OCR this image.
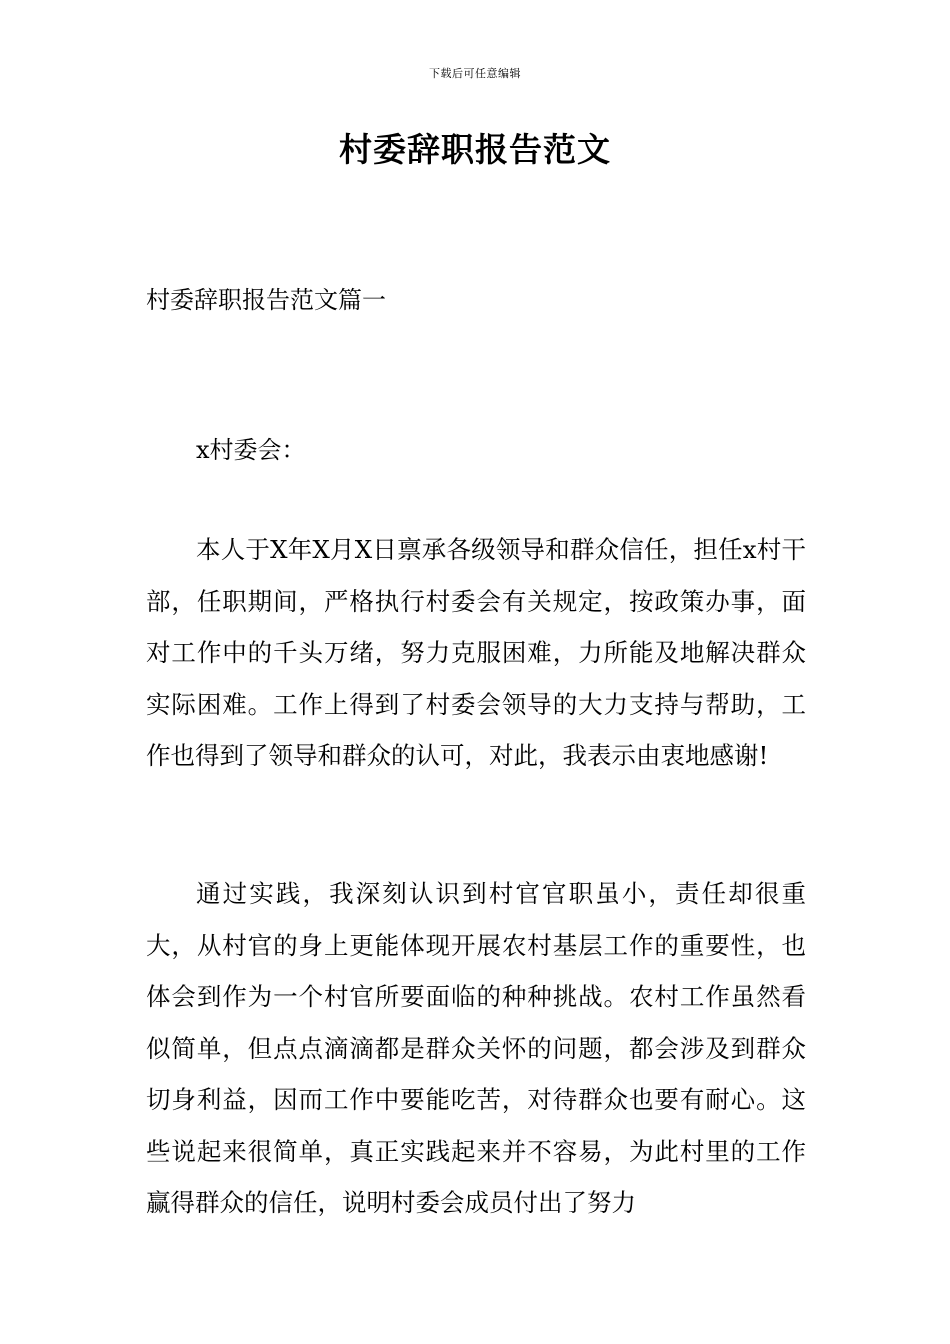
下载后可任意编辑
村委辞职报告范文
村委辞职报告范文篇一
x村委会：

本人于X年X月X日禀承各级领导和群众信任，担任x村干部，任职期间，严格执行村委会有关规定，按政策办事，面对工作中的千头万绪，努力克服困难，力所能及地解决群众实际困难。工作上得到了村委会领导的大力支持与帮助，工作也得到了领导和群众的认可，对此，我表示由衷地感谢!

通过实践，我深刻认识到村官官职虽小，责任却很重大，从村官的身上更能体现开展农村基层工作的重要性，也体会到作为一个村官所要面临的种种挑战。农村工作虽然看似简单，但点点滴滴都是群众关怀的问题，都会涉及到群众切身利益，因而工作中要能吃苦，对待群众也要有耐心。这些说起来很简单，真正实践起来并不容易，为此村里的工作赢得群众的信任，说明村委会成员付出了努力
